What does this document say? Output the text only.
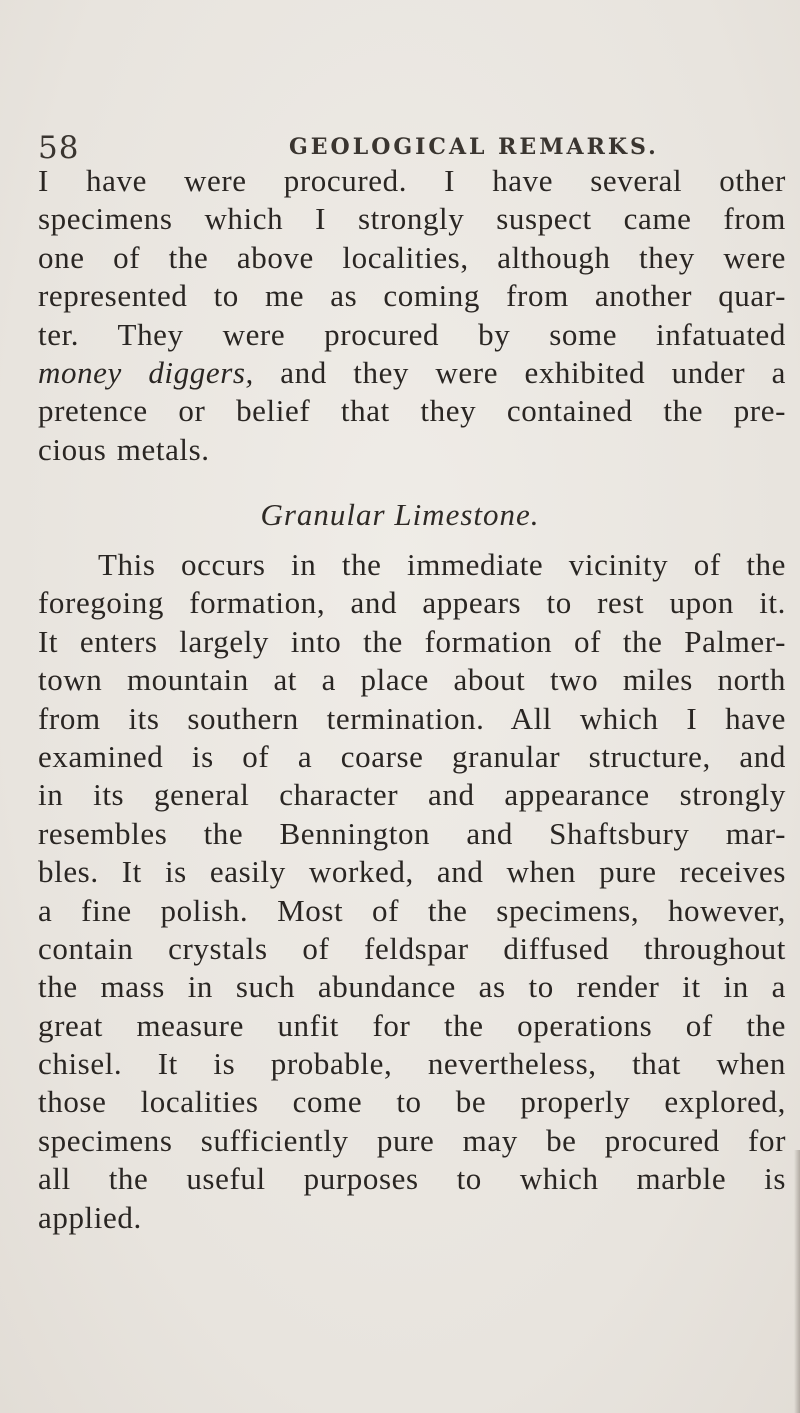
58	GEOLOGICAL REMARKS.
I have were procured. I have several other
specimens which I strongly suspect came from
one of the above localities, although they were
represented to me as coming from another quar-
ter. They were procured by some infatuated
money diggers, and they were exhibited under a
pretence or belief that they contained the pre-
cious metals.
Granular Limestone.
This occurs in the immediate vicinity of the
foregoing formation, and appears to rest upon it.
It enters largely into the formation of the Palmer-
town mountain at a place about two miles north
from its southern termination. All which I have
examined is of a coarse granular structure, and
in its general character and appearance strongly
resembles the Bennington and Shaftsbury mar-
bles. It is easily worked, and when pure receives
a fine polish. Most of the specimens, however,
contain crystals of feldspar diffused throughout
the mass in such abundance as to render it in a
great measure unfit for the operations of the
chisel. It is probable, nevertheless, that when
those localities come to be properly explored,
specimens sufficiently pure may be procured for
all the useful purposes to which marble is
applied.
